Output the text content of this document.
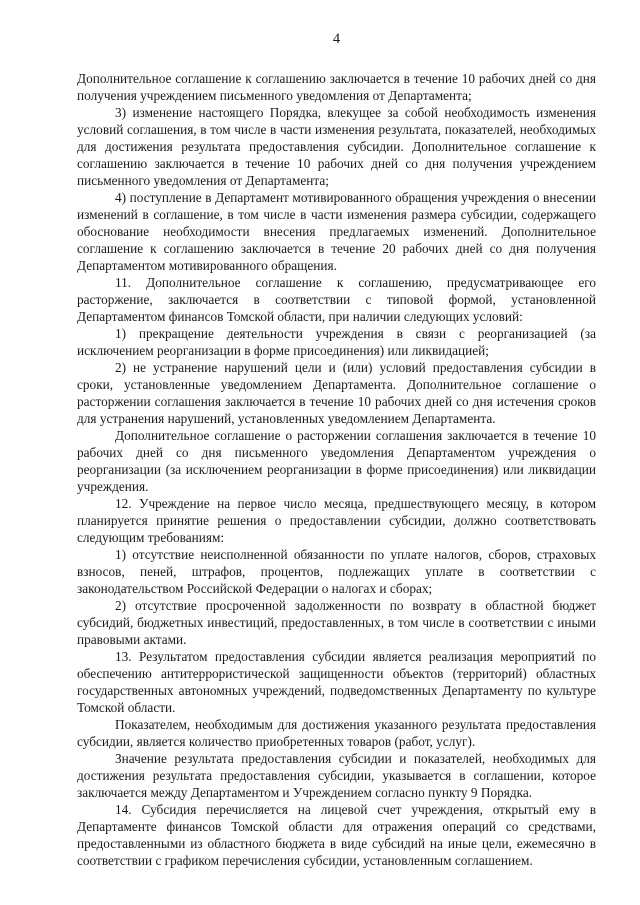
4

Дополнительное соглашение к соглашению заключается в течение 10 рабочих дней со дня получения учреждением письменного уведомления от Департамента;

3) изменение настоящего Порядка, влекущее за собой необходимость изменения условий соглашения, в том числе в части изменения результата, показателей, необходимых для достижения результата предоставления субсидии. Дополнительное соглашение к соглашению заключается в течение 10 рабочих дней со дня получения учреждением письменного уведомления от Департамента;

4) поступление в Департамент мотивированного обращения учреждения о внесении изменений в соглашение, в том числе в части изменения размера субсидии, содержащего обоснование необходимости внесения предлагаемых изменений. Дополнительное соглашение к соглашению заключается в течение 20 рабочих дней со дня получения Департаментом мотивированного обращения.

11. Дополнительное соглашение к соглашению, предусматривающее его расторжение, заключается в соответствии с типовой формой, установленной Департаментом финансов Томской области, при наличии следующих условий:

1) прекращение деятельности учреждения в связи с реорганизацией (за исключением реорганизации в форме присоединения) или ликвидацией;

2) не устранение нарушений цели и (или) условий предоставления субсидии в сроки, установленные уведомлением Департамента. Дополнительное соглашение о расторжении соглашения заключается в течение 10 рабочих дней со дня истечения сроков для устранения нарушений, установленных уведомлением Департамента.

Дополнительное соглашение о расторжении соглашения заключается в течение 10 рабочих дней со дня письменного уведомления Департаментом учреждения о реорганизации (за исключением реорганизации в форме присоединения) или ликвидации учреждения.

12. Учреждение на первое число месяца, предшествующего месяцу, в котором планируется принятие решения о предоставлении субсидии, должно соответствовать следующим требованиям:

1) отсутствие неисполненной обязанности по уплате налогов, сборов, страховых взносов, пеней, штрафов, процентов, подлежащих уплате в соответствии с законодательством Российской Федерации о налогах и сборах;

2) отсутствие просроченной задолженности по возврату в областной бюджет субсидий, бюджетных инвестиций, предоставленных, в том числе в соответствии с иными правовыми актами.

13. Результатом предоставления субсидии является реализация мероприятий по обеспечению антитеррористической защищенности объектов (территорий) областных государственных автономных учреждений, подведомственных Департаменту по культуре Томской области.

Показателем, необходимым для достижения указанного результата предоставления субсидии, является количество приобретенных товаров (работ, услуг).

Значение результата предоставления субсидии и показателей, необходимых для достижения результата предоставления субсидии, указывается в соглашении, которое заключается между Департаментом и Учреждением согласно пункту 9 Порядка.

14. Субсидия перечисляется на лицевой счет учреждения, открытый ему в Департаменте финансов Томской области для отражения операций со средствами, предоставленными из областного бюджета в виде субсидий на иные цели, ежемесячно в соответствии с графиком перечисления субсидии, установленным соглашением.
